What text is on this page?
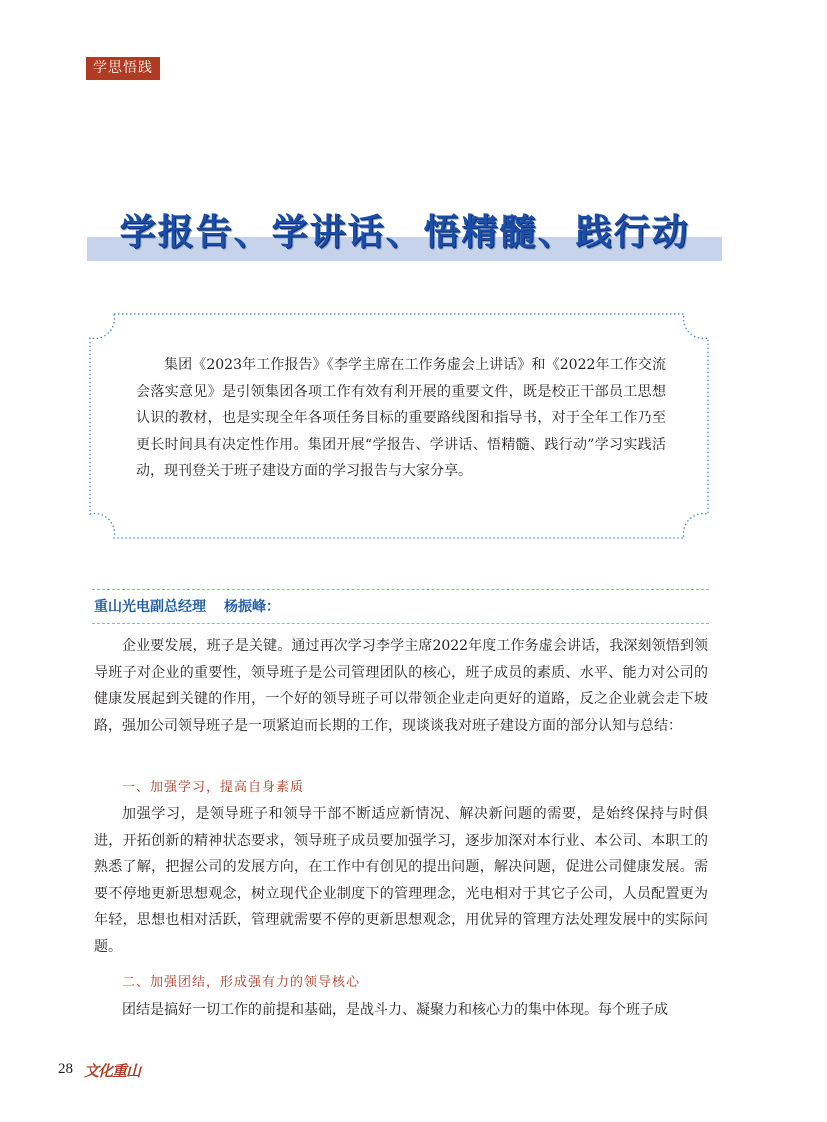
学思悟践
学报告、学讲话、悟精髓、践行动

集团《2023年工作报告》《李学主席在工作务虚会上讲话》和《2022年工作交流会落实意见》是引领集团各项工作有效有利开展的重要文件，既是校正干部员工思想认识的教材，也是实现全年各项任务目标的重要路线图和指导书，对于全年工作乃至更长时间具有决定性作用。集团开展“学报告、学讲话、悟精髓、践行动”学习实践活动，现刊登关于班子建设方面的学习报告与大家分享。

重山光电副总经理 杨振峰：

企业要发展，班子是关键。通过再次学习李学主席2022年度工作务虚会讲话，我深刻领悟到领导班子对企业的重要性，领导班子是公司管理团队的核心，班子成员的素质、水平、能力对公司的健康发展起到关键的作用，一个好的领导班子可以带领企业走向更好的道路，反之企业就会走下坡路，强加公司领导班子是一项紧迫而长期的工作，现谈谈我对班子建设方面的部分认知与总结：

一、加强学习，提高自身素质

加强学习，是领导班子和领导干部不断适应新情况、解决新问题的需要，是始终保持与时俱进，开拓创新的精神状态要求，领导班子成员要加强学习，逐步加深对本行业、本公司、本职工的熟悉了解，把握公司的发展方向，在工作中有创见的提出问题，解决问题，促进公司健康发展。需要不停地更新思想观念，树立现代企业制度下的管理理念，光电相对于其它子公司，人员配置更为年轻，思想也相对活跃，管理就需要不停的更新思想观念，用优异的管理方法处理发展中的实际问题。

二、加强团结，形成强有力的领导核心

团结是搞好一切工作的前提和基础，是战斗力、凝聚力和核心力的集中体现。每个班子成

28 文化重山
